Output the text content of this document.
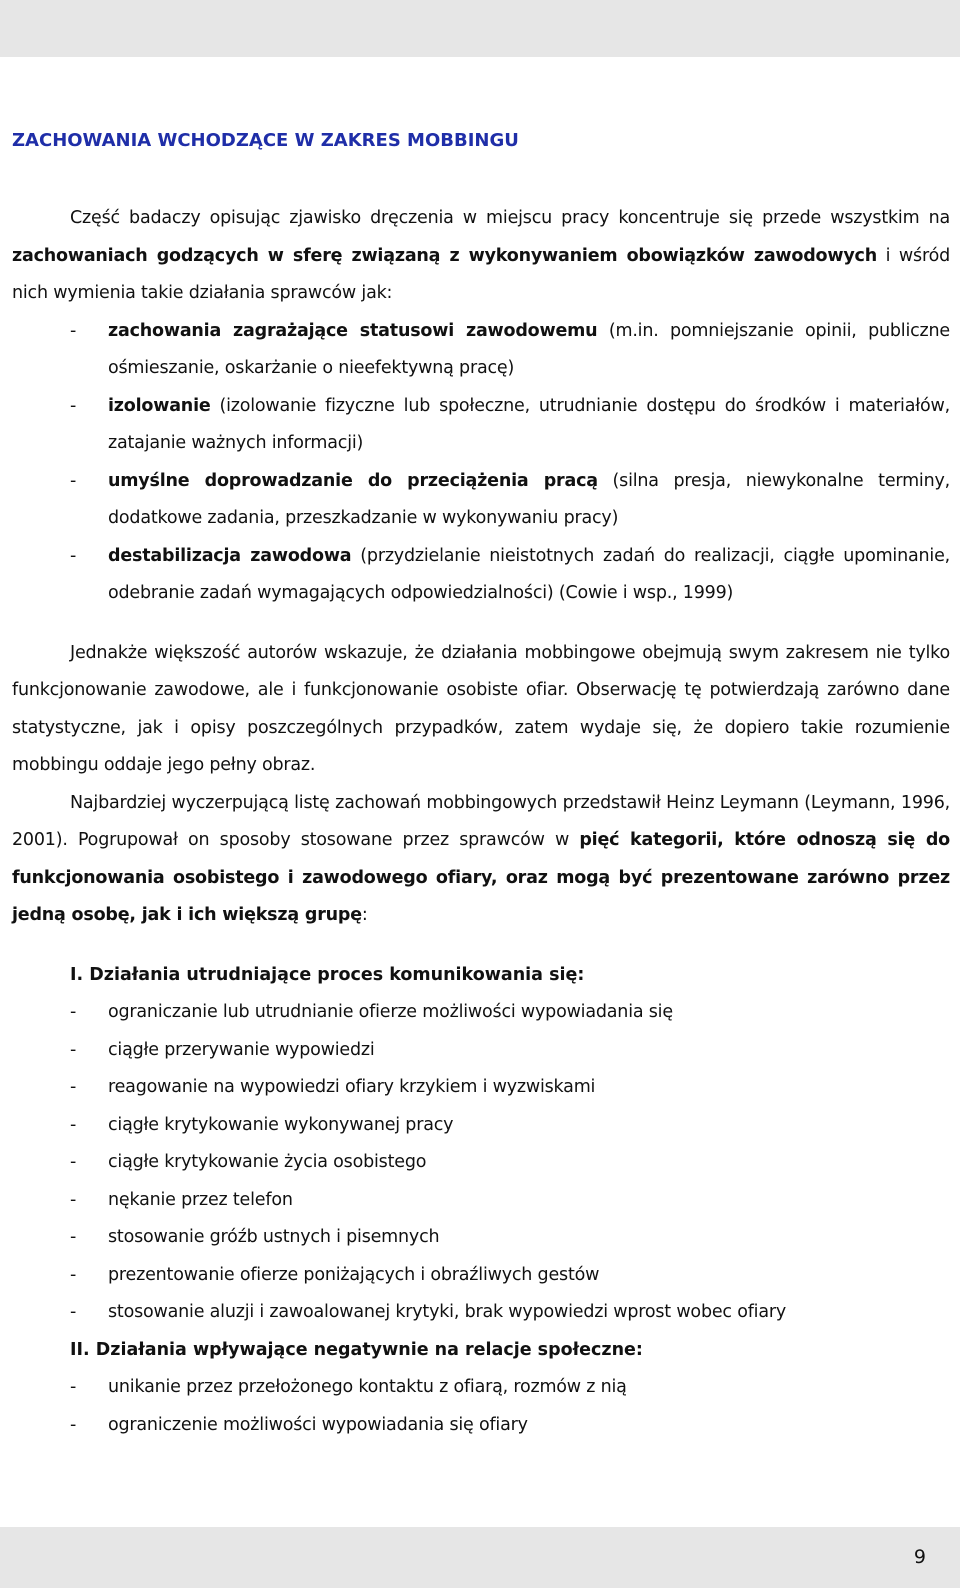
ZACHOWANIA WCHODZĄCE W ZAKRES MOBBINGU

Część badaczy opisując zjawisko dręczenia w miejscu pracy koncentruje się przede wszystkim na zachowaniach godzących w sferę związaną z wykonywaniem obowiązków zawodowych i wśród nich wymienia takie działania sprawców jak:

-	zachowania zagrażające statusowi zawodowemu (m.in. pomniejszanie opinii, publiczne ośmieszanie, oskarżanie o nieefektywną pracę)
-	izolowanie (izolowanie fizyczne lub społeczne, utrudnianie dostępu do środków i materiałów, zatajanie ważnych informacji)
-	umyślne doprowadzanie do przeciążenia pracą (silna presja, niewykonalne terminy, dodatkowe zadania, przeszkadzanie w wykonywaniu pracy)
-	destabilizacja zawodowa (przydzielanie nieistotnych zadań do realizacji, ciągłe upominanie, odebranie zadań wymagających odpowiedzialności) (Cowie i wsp., 1999)

Jednakże większość autorów wskazuje, że działania mobbingowe obejmują swym zakresem nie tylko funkcjonowanie zawodowe, ale i funkcjonowanie osobiste ofiar. Obserwację tę potwierdzają zarówno dane statystyczne, jak i opisy poszczególnych przypadków, zatem wydaje się, że dopiero takie rozumienie mobbingu oddaje jego pełny obraz.

Najbardziej wyczerpującą listę zachowań mobbingowych przedstawił Heinz Leymann (Leymann, 1996, 2001). Pogrupował on sposoby stosowane przez sprawców w pięć kategorii, które odnoszą się do funkcjonowania osobistego i zawodowego ofiary, oraz mogą być prezentowane zarówno przez jedną osobę, jak i ich większą grupę:

I. Działania utrudniające proces komunikowania się:
-	ograniczanie lub utrudnianie ofierze możliwości wypowiadania się
-	ciągłe przerywanie wypowiedzi
-	reagowanie na wypowiedzi ofiary krzykiem i wyzwiskami
-	ciągłe krytykowanie wykonywanej pracy
-	ciągłe krytykowanie życia osobistego
-	nękanie przez telefon
-	stosowanie gróźb ustnych i pisemnych
-	prezentowanie ofierze poniżających i obraźliwych gestów
-	stosowanie aluzji i zawoalowanej krytyki, brak wypowiedzi wprost wobec ofiary
II. Działania wpływające negatywnie na relacje społeczne:
-	unikanie przez przełożonego kontaktu z ofiarą, rozmów z nią
-	ograniczenie możliwości wypowiadania się ofiary
9
